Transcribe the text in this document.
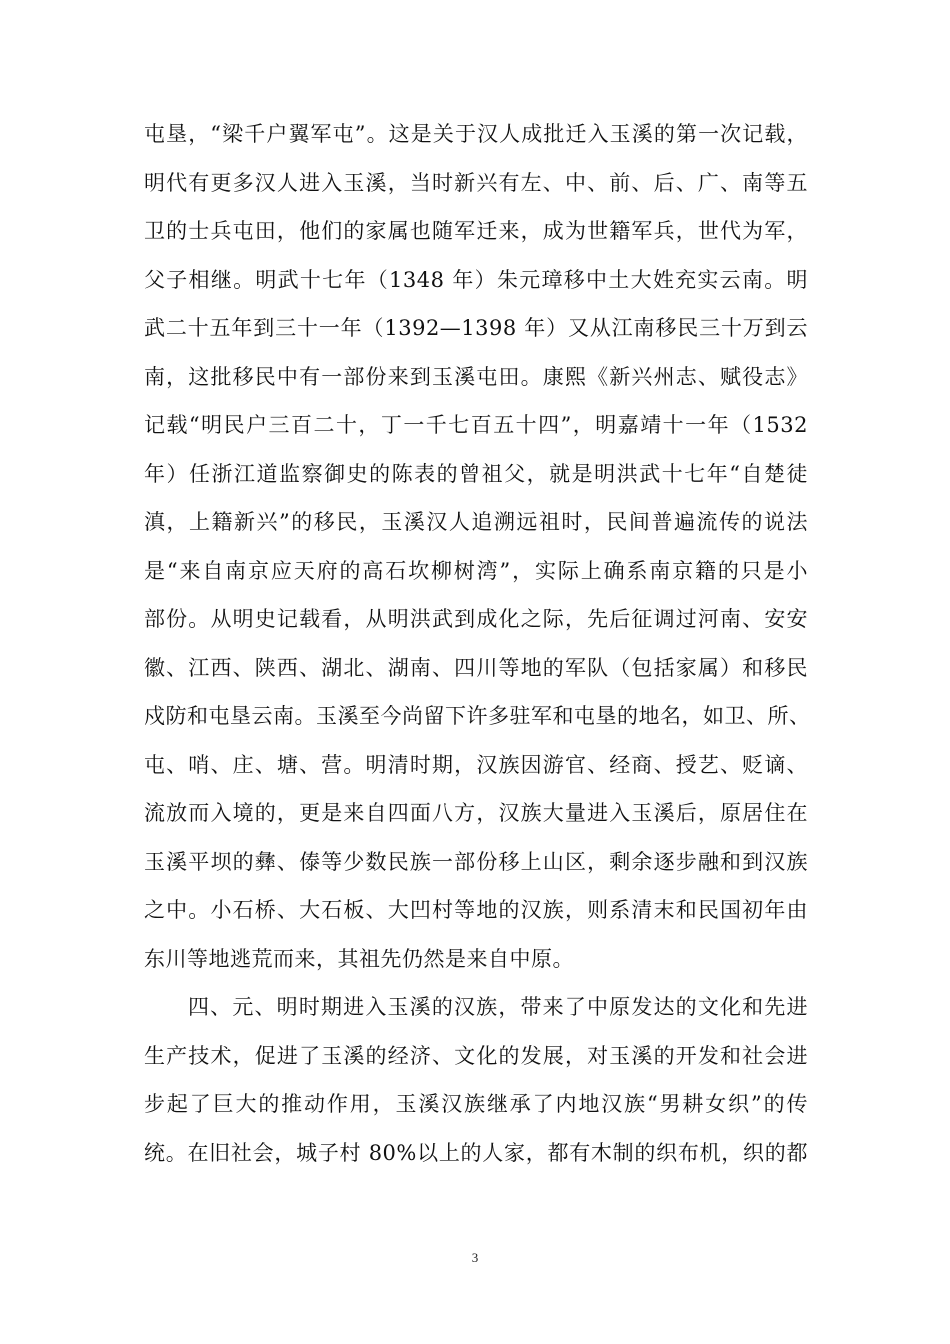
屯垦，“梁千户翼军屯”。这是关于汉人成批迁入玉溪的第一次记载，
明代有更多汉人进入玉溪，当时新兴有左、中、前、后、广、南等五
卫的士兵屯田，他们的家属也随军迁来，成为世籍军兵，世代为军，
父子相继。明武十七年（1348 年）朱元璋移中土大姓充实云南。明
武二十五年到三十一年（1392—1398 年）又从江南移民三十万到云
南，这批移民中有一部份来到玉溪屯田。康熙《新兴州志、赋役志》
记载“明民户三百二十，丁一千七百五十四”，明嘉靖十一年（1532
年）任浙江道监察御史的陈表的曾祖父，就是明洪武十七年“自楚徒
滇，上籍新兴”的移民，玉溪汉人追溯远祖时，民间普遍流传的说法
是“来自南京应天府的高石坎柳树湾”，实际上确系南京籍的只是小
部份。从明史记载看，从明洪武到成化之际，先后征调过河南、安安
徽、江西、陕西、湖北、湖南、四川等地的军队（包括家属）和移民
戍防和屯垦云南。玉溪至今尚留下许多驻军和屯垦的地名，如卫、所、
屯、哨、庄、塘、营。明清时期，汉族因游官、经商、授艺、贬谪、
流放而入境的，更是来自四面八方，汉族大量进入玉溪后，原居住在
玉溪平坝的彝、傣等少数民族一部份移上山区，剩余逐步融和到汉族
之中。小石桥、大石板、大凹村等地的汉族，则系清末和民国初年由
东川等地逃荒而来，其祖先仍然是来自中原。
四、元、明时期进入玉溪的汉族，带来了中原发达的文化和先进
生产技术，促进了玉溪的经济、文化的发展，对玉溪的开发和社会进
步起了巨大的推动作用，玉溪汉族继承了内地汉族“男耕女织”的传
统。在旧社会，城子村 80%以上的人家，都有木制的织布机，织的都
3
